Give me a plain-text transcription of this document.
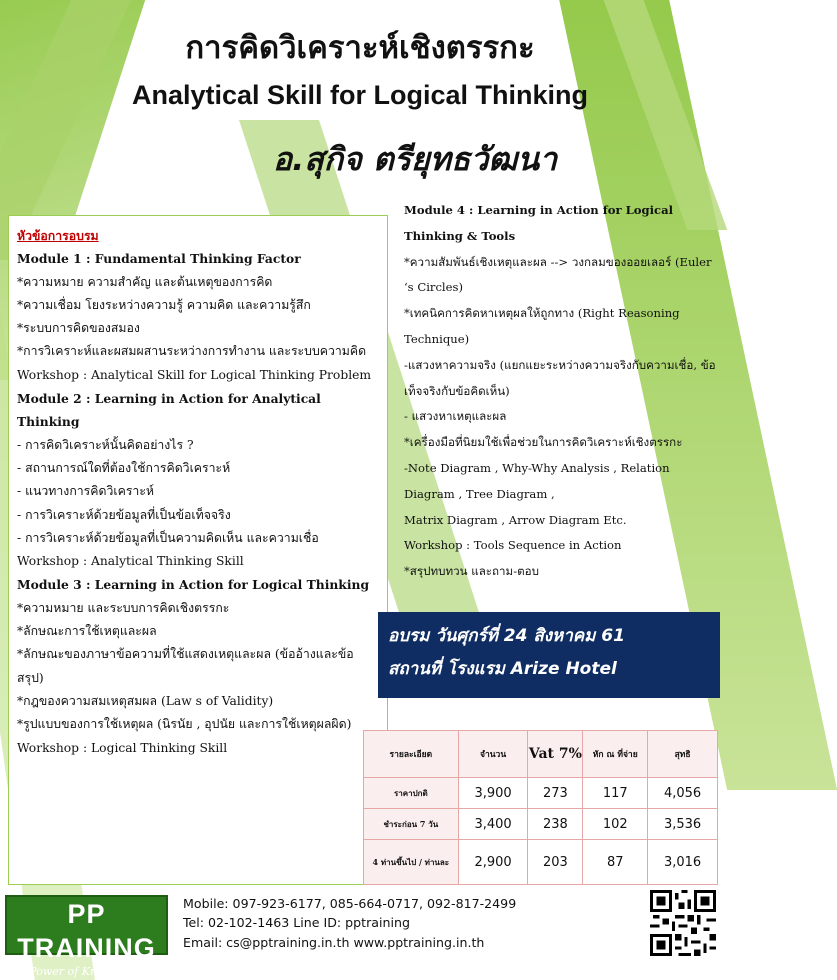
การคิดวิเคราะห์เชิงตรรกะ
Analytical Skill for Logical Thinking
อ.สุกิจ ตรียุทธวัฒนา
หัวข้อการอบรม
Module 1 : Fundamental Thinking Factor
*ความหมาย ความสำคัญ และต้นเหตุของการคิด
*ความเชื่อม โยงระหว่างความรู้ ความคิด และความรู้สึก
*ระบบการคิดของสมอง
*การวิเคราะห์และผสมผสานระหว่างการทำงาน และระบบความคิด
Workshop : Analytical Skill for Logical Thinking Problem
Module 2 : Learning in Action for Analytical Thinking
- การคิดวิเคราะห์นั้นคิดอย่างไร ?
- สถานการณ์ใดที่ต้องใช้การคิดวิเคราะห์
- แนวทางการคิดวิเคราะห์
- การวิเคราะห์ด้วยข้อมูลที่เป็นข้อเท็จจริง
- การวิเคราะห์ด้วยข้อมูลที่เป็นความคิดเห็น และความเชื่อ
Workshop : Analytical Thinking Skill
Module 3 : Learning in Action for Logical Thinking
*ความหมาย และระบบการคิดเชิงตรรกะ
*ลักษณะการใช้เหตุและผล
*ลักษณะของภาษาข้อความที่ใช้แสดงเหตุและผล (ข้ออ้างและข้อสรุป)
*กฎของความสมเหตุสมผล (Law s of Validity)
*รูปแบบของการใช้เหตุผล (นิรนัย , อุปนัย และการใช้เหตุผลผิด)
Workshop : Logical Thinking Skill
Module 4 : Learning in Action for Logical Thinking & Tools
*ความสัมพันธ์เชิงเหตุและผล --> วงกลมของออยเลอร์ (Euler ‘s Circles)
*เทคนิคการคิดหาเหตุผลให้ถูกทาง (Right Reasoning Technique)
-แสวงหาความจริง (แยกแยะระหว่างความจริงกับความเชื่อ, ข้อเท็จจริงกับข้อคิดเห็น)
- แสวงหาเหตุและผล
*เครื่องมือที่นิยมใช้เพื่อช่วยในการคิดวิเคราะห์เชิงตรรกะ
-Note Diagram , Why-Why Analysis , Relation Diagram , Tree Diagram ,
Matrix Diagram , Arrow Diagram Etc.
Workshop : Tools Sequence in Action
*สรุปทบทวน และถาม-ตอบ
อบรม วันศุกร์ที่ 24 สิงหาคม 61
สถานที่ โรงแรม Arize Hotel
รายละเอียด	จำนวน	Vat 7%	หัก ณ ที่จ่าย	สุทธิ
ราคาปกติ	3,900	273	117	4,056
ชำระก่อน 7 วัน	3,400	238	102	3,536
4 ท่านขึ้นไป / ท่านละ	2,900	203	87	3,016
PP TRAINING
Power of Knowledge
Mobile: 097-923-6177, 085-664-0717, 092-817-2499
Tel: 02-102-1463 Line ID: pptraining
Email: cs@pptraining.in.th www.pptraining.in.th
